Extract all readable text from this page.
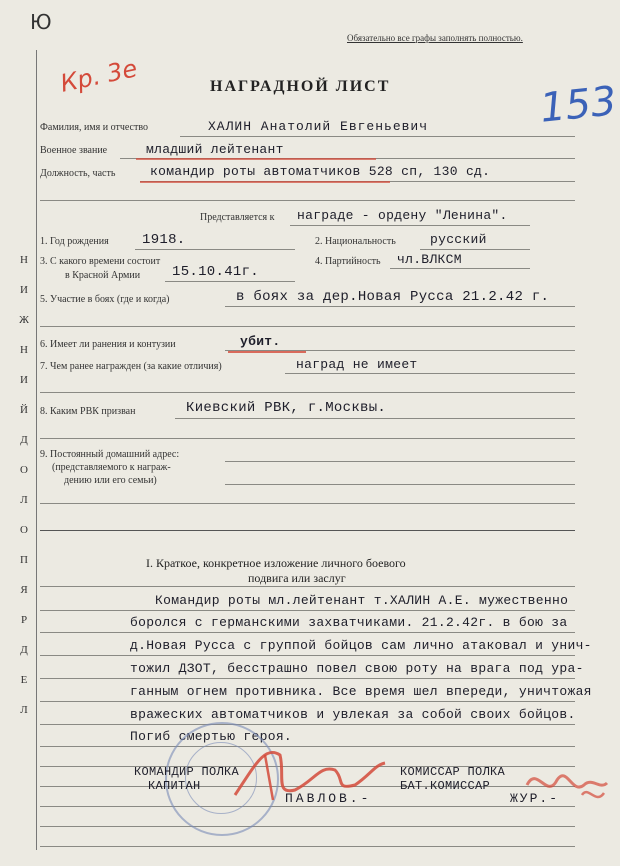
Ю
Обязательно все графы заполнять полностью.
Кр. 3е
153
НАГРАДНОЙ ЛИСТ
Фамилия, имя и отчество	ХАЛИН Анатолий Евгеньевич
Военное звание	младший лейтенант
Должность, часть	командир роты автоматчиков 528 сп, 130 сд.
Представляется к награде - ордену "Ленина".
1. Год рождения 1918.	2. Национальность	русский
3. С какого времени состоит
в Красной Армии 15.10.41г.
4. Партийность чл.ВЛКСМ
5. Участие в боях (где и когда)	в боях за дер.Новая Русса 21.2.42 г.
6. Имеет ли ранения и контузии	убит.
7. Чем ранее награжден (за какие отличия)	наград не имеет
8. Каким РВК призван	Киевский РВК, г.Москвы.
9. Постоянный домашний адрес:
(представляемого к награж-
дению или его семьи)
Н
И
Ж
Н
И
Й
Д
О
Л
О
П
Я
Р
Д
Е
Л
I. Краткое, конкретное изложение личного боевого
подвига или заслуг
Командир роты мл.лейтенант т.ХАЛИН А.Е. мужественно
боролся с германскими захватчиками. 21.2.42г. в бою за
д.Новая Русса с группой бойцов сам лично атаковал и унич-
тожил ДЗОТ, бесстрашно повел свою роту на врага под ура-
ганным огнем противника. Все время шел впереди, уничтожая
вражеских автоматчиков и увлекая за собой своих бойцов.
Погиб смертью героя.
КОМАНДИР ПОЛКА
КАПИТАН
ПАВЛОВ.-
КОМИССАР ПОЛКА
БАТ.КОМИССАР
ЖУР.-
